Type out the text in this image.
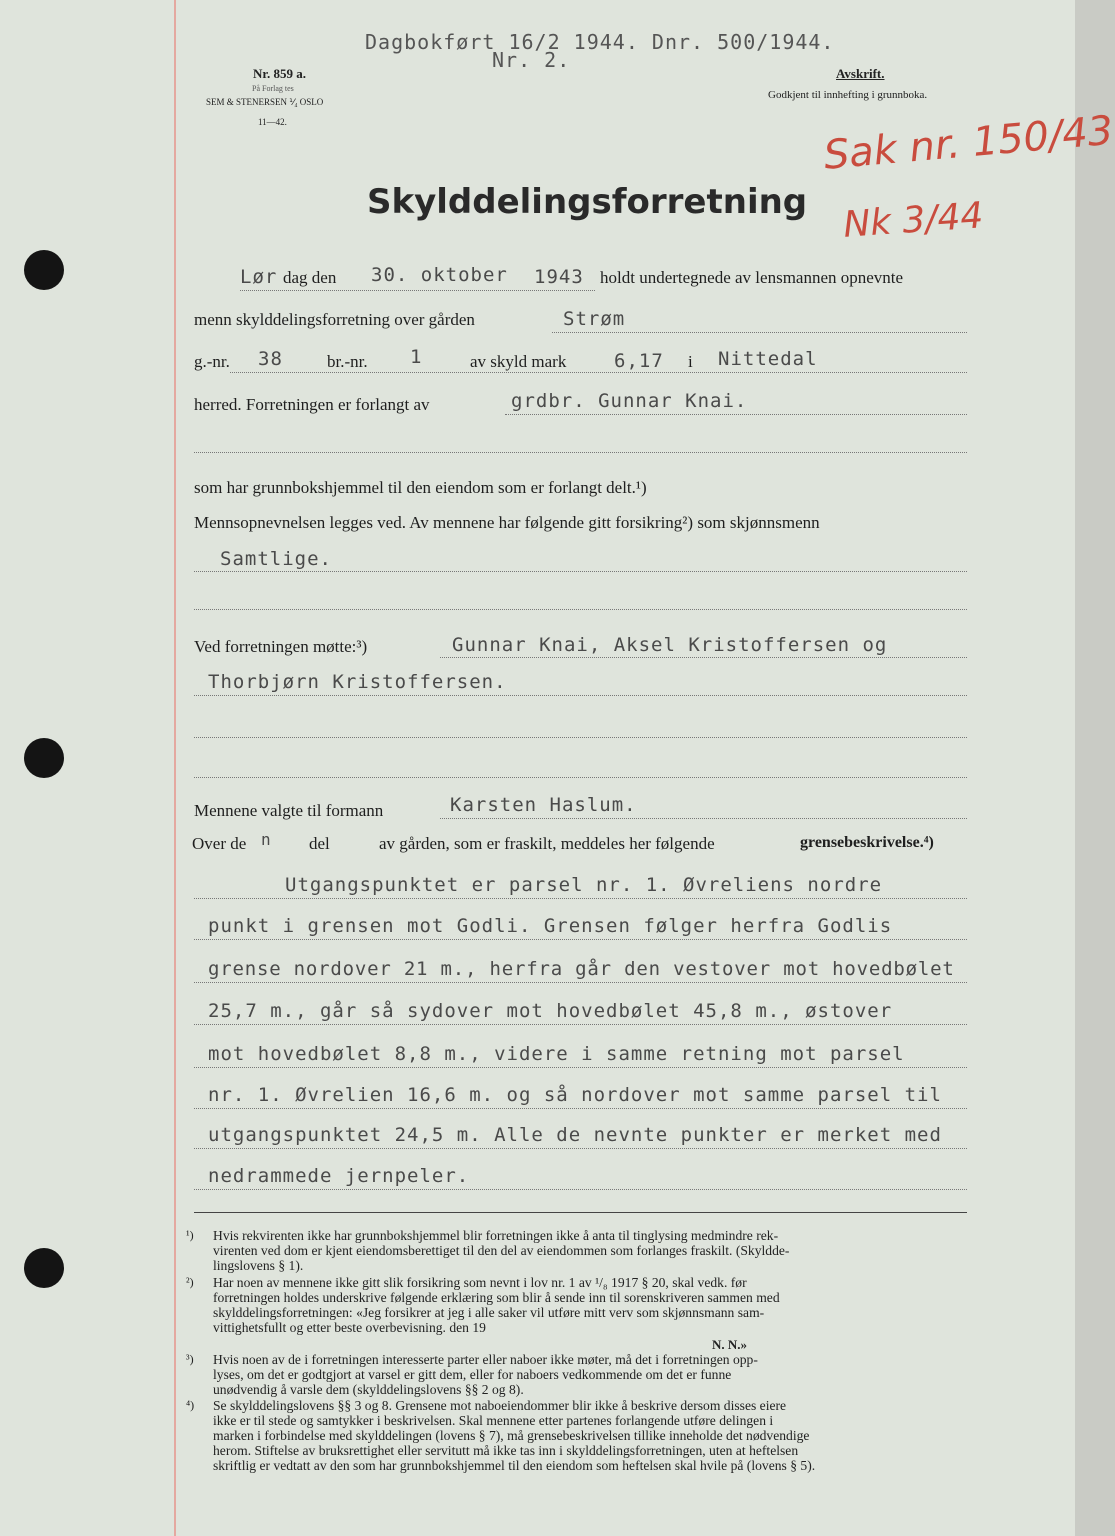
Dagbokført 16/2 1944. Dnr. 500/1944.
Nr. 2.
Nr. 859 a.
På Forlag tes
SEM & STENERSEN ⅟₄ OSLO
11—42.
Avskrift.
Godkjent til innhefting i grunnboka.
Sak nr. 150/43
Nk 3/44
Skylddelingsforretning
Lør dag den 30. oktober 1943 holdt undertegnede av lensmannen opnevnte
menn skylddelingsforretning over gården	Strøm
g.-nr. 38	br.-nr. 1	av skyld mark	6,17 i Nittedal
herred. Forretningen er forlangt av	grdbr. Gunnar Knai.
som har grunnbokshjemmel til den eiendom som er forlangt delt.¹)
Mennsopnevnelsen legges ved. Av mennene har følgende gitt forsikring²) som skjønnsmenn
Samtlige.
Ved forretningen møtte:³)	Gunnar Knai, Aksel Kristoffersen og
Thorbjørn Kristoffersen.
Mennene valgte til formann	Karsten Haslum.
Over de n del	av gården, som er fraskilt, meddeles her følgende	grensebeskrivelse.⁴)
Utgangspunktet er parsel nr. 1. Øvreliens nordre
punkt i grensen mot Godli. Grensen følger herfra Godlis
grense nordover 21 m., herfra går den vestover mot hovedbølet
25,7 m., går så sydover mot hovedbølet 45,8 m., østover
mot hovedbølet 8,8 m., videre i samme retning mot parsel
nr. 1. Øvrelien 16,6 m. og så nordover mot samme parsel til
utgangspunktet 24,5 m. Alle de nevnte punkter er merket med
nedrammede jernpeler.
¹) Hvis rekvirenten ikke har grunnbokshjemmel blir forretningen ikke å anta til tinglysing medmindre rek-
virenten ved dom er kjent eiendomsberettiget til den del av eiendommen som forlanges fraskilt. (Skyldde-
lingslovens § 1).
²) Har noen av mennene ikke gitt slik forsikring som nevnt i lov nr. 1 av ¹/₈ 1917 § 20, skal vedk. før
forretningen holdes underskrive følgende erklæring som blir å sende inn til sorenskriveren sammen med
skylddelingsforretningen: «Jeg forsikrer at jeg i alle saker vil utføre mitt verv som skjønnsmann sam-
vittighetsfullt og etter beste overbevisning. den 19
N. N.»
³) Hvis noen av de i forretningen interesserte parter eller naboer ikke møter, må det i forretningen opp-
lyses, om det er godtgjort at varsel er gitt dem, eller for naboers vedkommende om det er funne
unødvendig å varsle dem (skylddelingslovens §§ 2 og 8).
⁴) Se skylddelingslovens §§ 3 og 8. Grensene mot naboeiendommer blir ikke å beskrive dersom disses eiere
ikke er til stede og samtykker i beskrivelsen. Skal mennene etter partenes forlangende utføre delingen i
marken i forbindelse med skylddelingen (lovens § 7), må grensebeskrivelsen tillike inneholde det nødvendige
herom. Stiftelse av bruksrettighet eller servitutt må ikke tas inn i skylddelingsforretningen, uten at heftelsen
skriftlig er vedtatt av den som har grunnbokshjemmel til den eiendom som heftelsen skal hvile på (lovens § 5).
